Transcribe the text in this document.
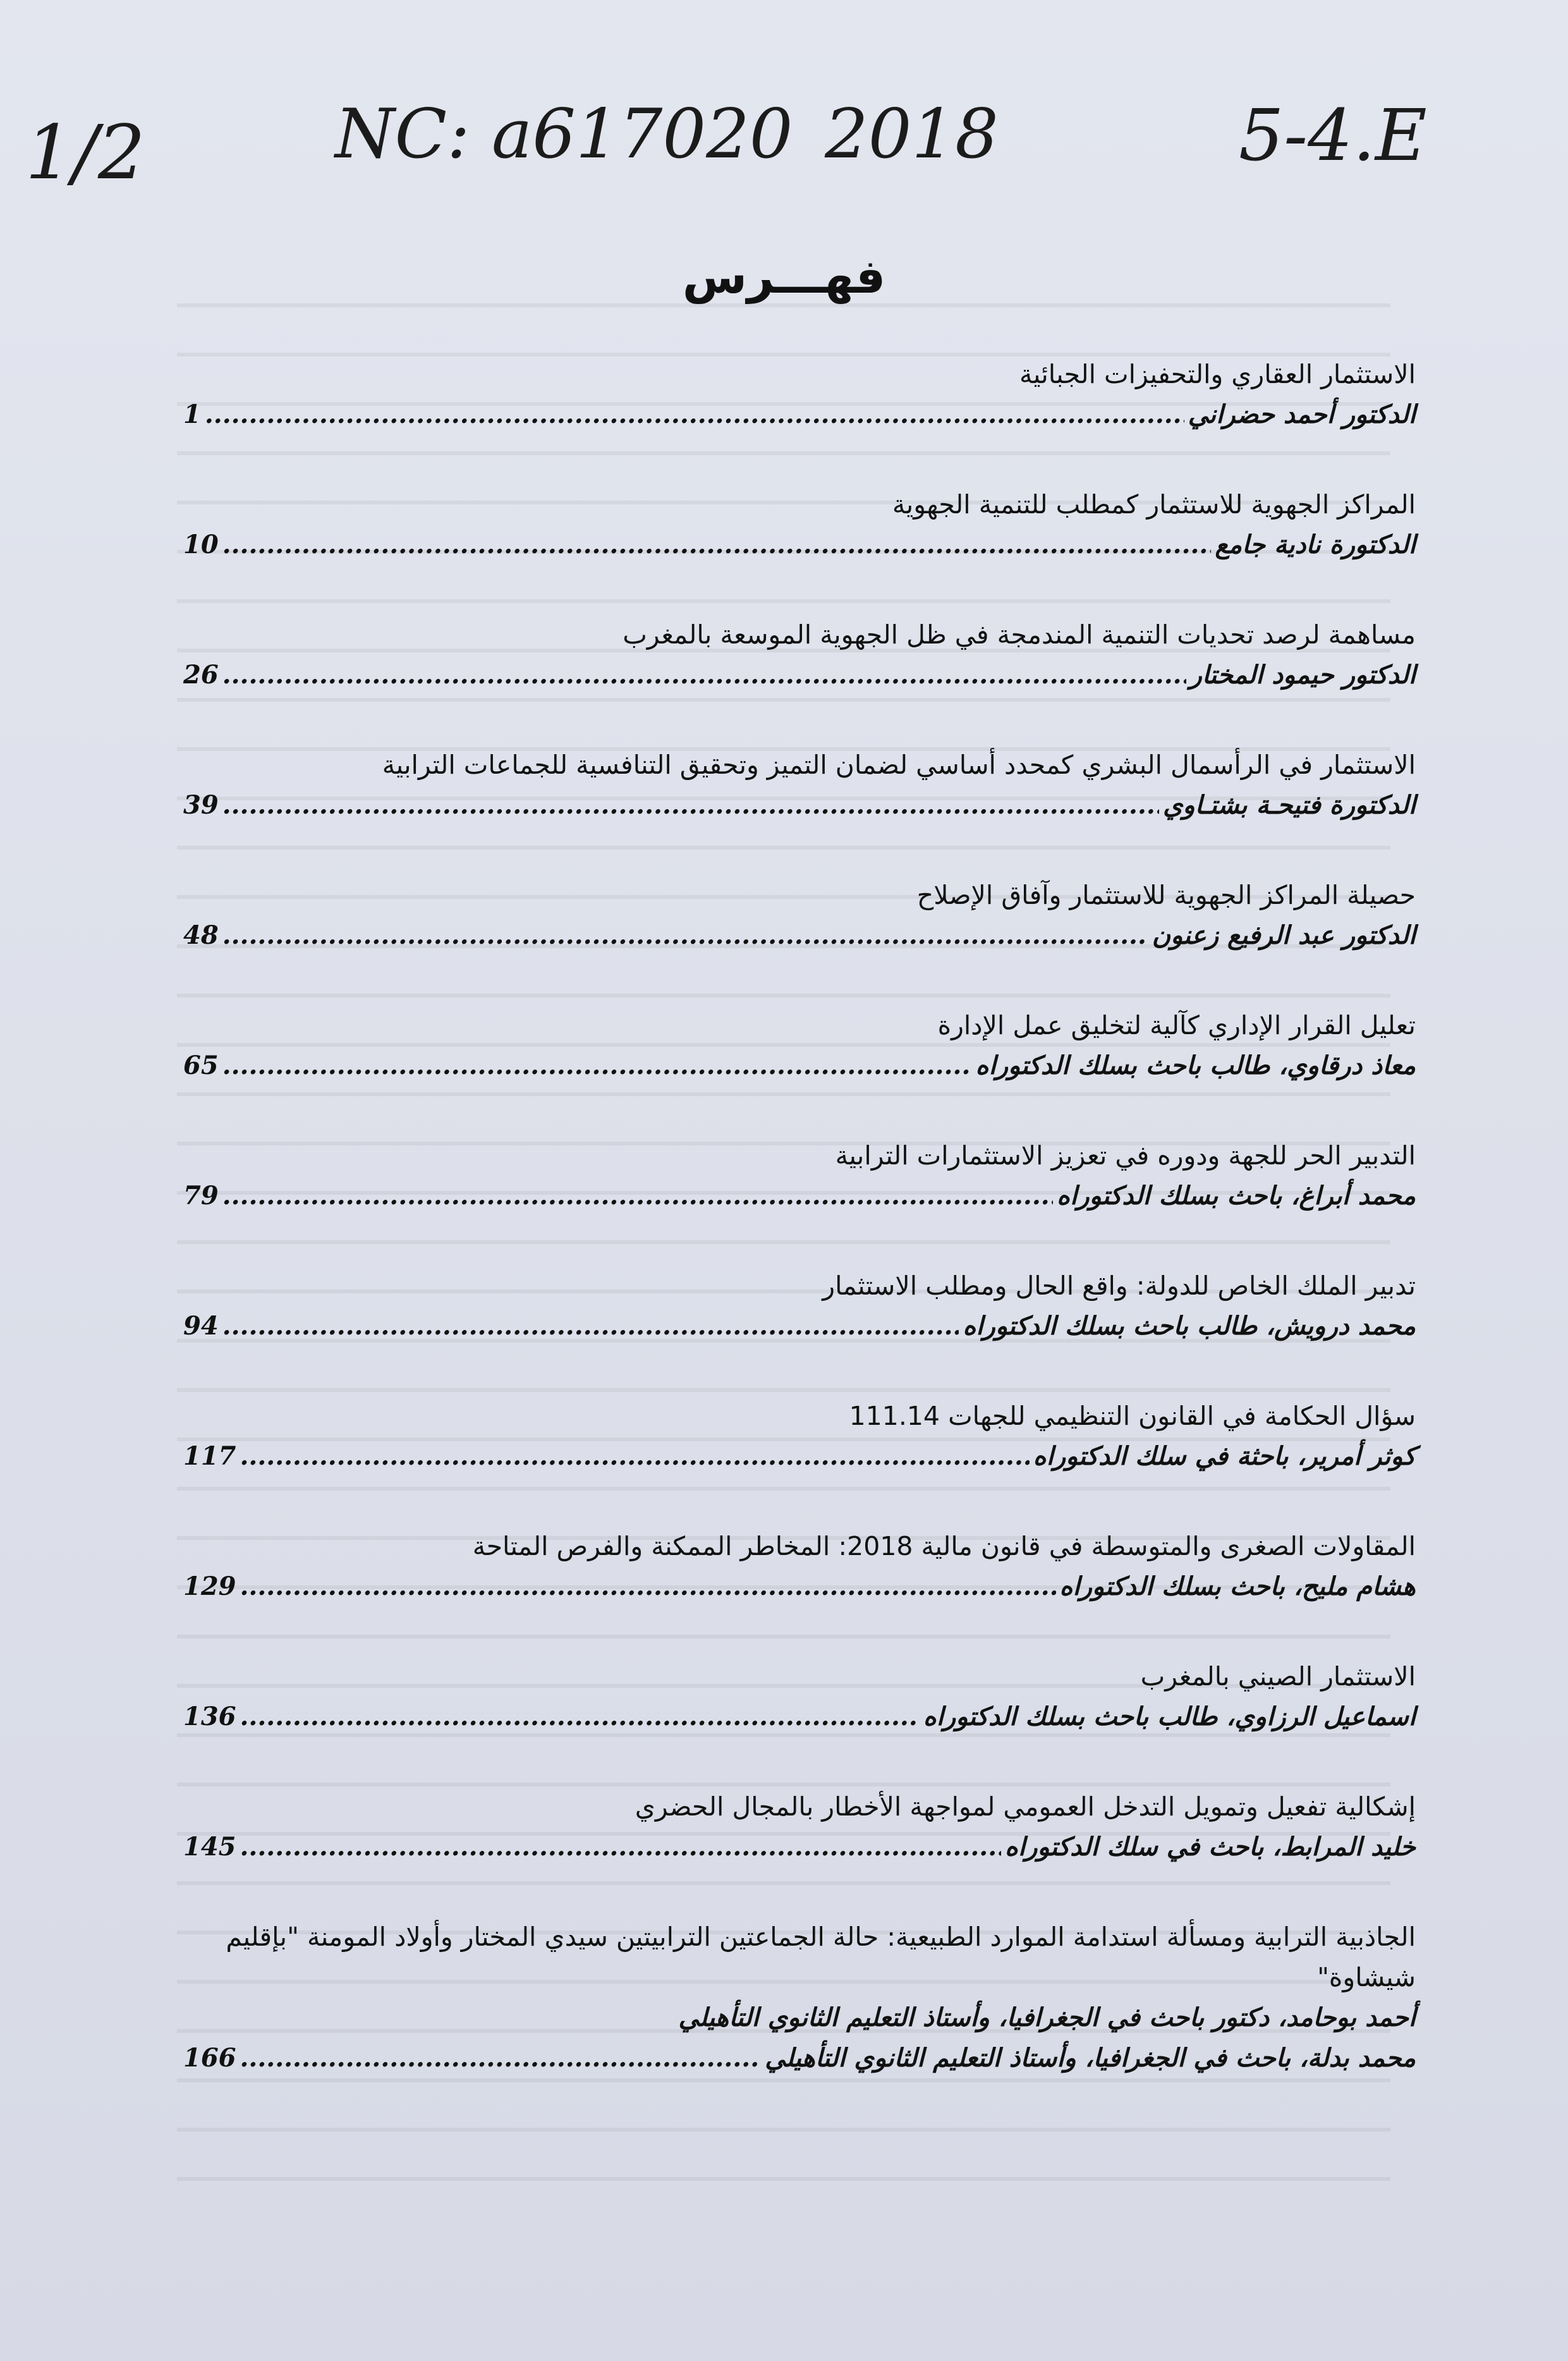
1/2	NC: a617020 2018	5-4.E
فهـــرس
الاستثمار العقاري والتحفيزات الجبائية
الدكتور أحمد حضراني
.....
1
المراكز الجهوية للاستثمار كمطلب للتنمية الجهوية
الدكتورة نادية جامع
.....
10
مساهمة لرصد تحديات التنمية المندمجة في ظل الجهوية الموسعة بالمغرب
الدكتور حيمود المختار
.....
26
الاستثمار في الرأسمال البشري كمحدد أساسي لضمان التميز وتحقيق التنافسية للجماعات الترابية
الدكتورة فتيحـة بشتـاوي
.....
39
حصيلة المراكز الجهوية للاستثمار وآفاق الإصلاح
الدكتور عبد الرفيع زعنون
.....
48
تعليل القرار الإداري كآلية لتخليق عمل الإدارة
معاذ درقاوي، طالب باحث بسلك الدكتوراه
.....
65
التدبير الحر للجهة ودوره في تعزيز الاستثمارات الترابية
محمد أبراغ، باحث بسلك الدكتوراه
.....
79
تدبير الملك الخاص للدولة: واقع الحال ومطلب الاستثمار
محمد درويش، طالب باحث بسلك الدكتوراه
.....
94
سؤال الحكامة في القانون التنظيمي للجهات 111.14
كوثر أمرير، باحثة في سلك الدكتوراه
.....
117
المقاولات الصغرى والمتوسطة في قانون مالية 2018: المخاطر الممكنة والفرص المتاحة
هشام مليح، باحث بسلك الدكتوراه
.....
129
الاستثمار الصيني بالمغرب
اسماعيل الرزاوي، طالب باحث بسلك الدكتوراه
.....
136
إشكالية تفعيل وتمويل التدخل العمومي لمواجهة الأخطار بالمجال الحضري
خليد المرابط، باحث في سلك الدكتوراه
.....
145
الجاذبية الترابية ومسألة استدامة الموارد الطبيعية: حالة الجماعتين الترابيتين سيدي المختار وأولاد المومنة "بإقليم شيشاوة"
أحمد بوحامد، دكتور باحث في الجغرافيا، وأستاذ التعليم الثانوي التأهيلي
محمد بدلة، باحث في الجغرافيا، وأستاذ التعليم الثانوي التأهيلي
.....
166
